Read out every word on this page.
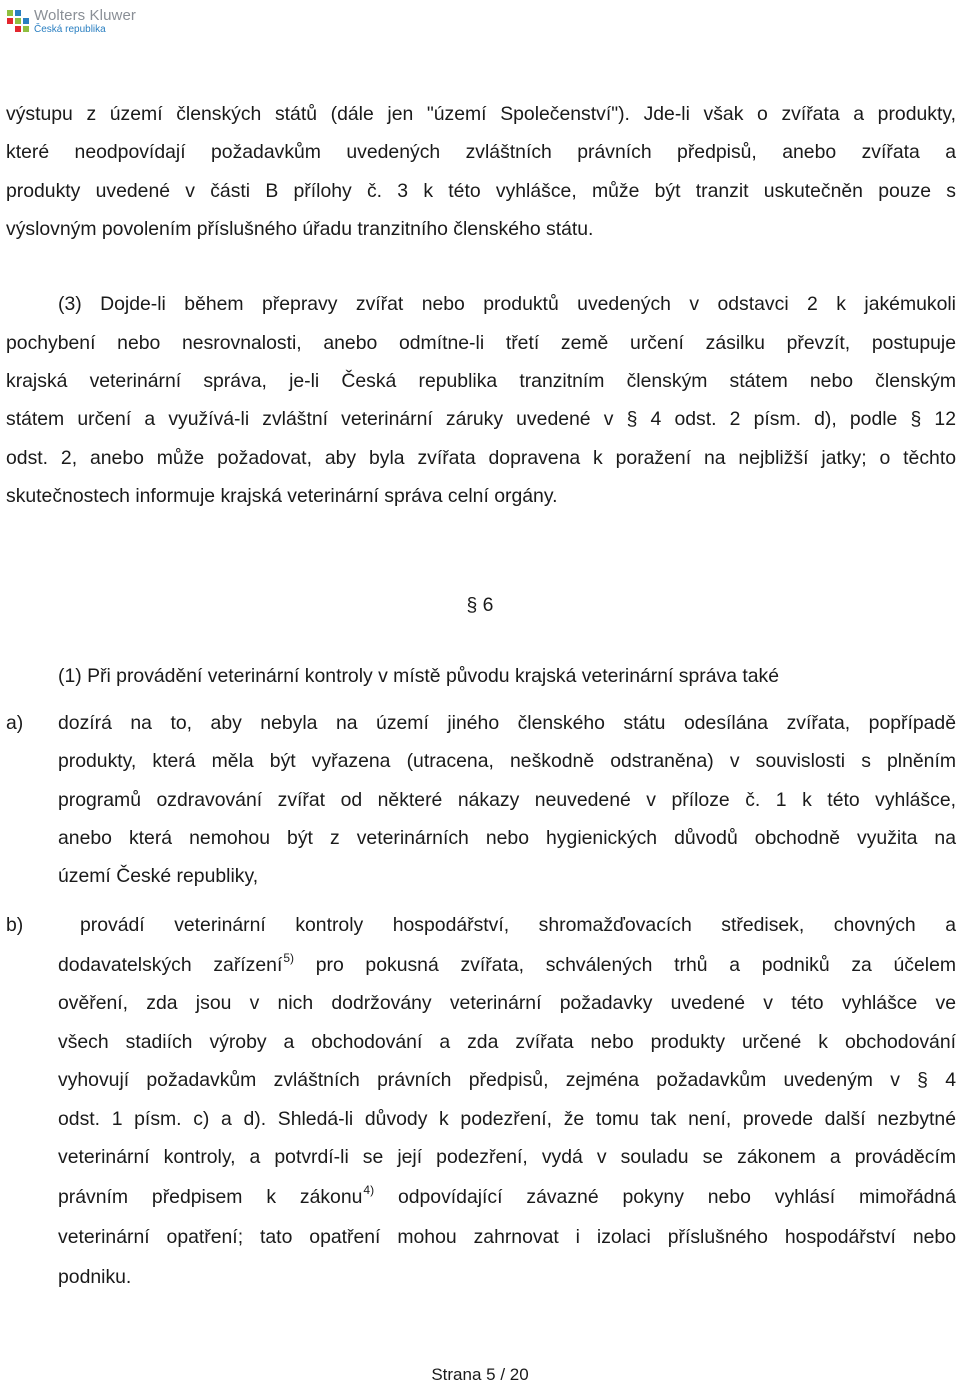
Wolters Kluwer
Česká republika
výstupu z území členských států (dále jen "území Společenství"). Jde-li však o zvířata a produkty,
které neodpovídají požadavkům uvedených zvláštních právních předpisů, anebo zvířata a
produkty uvedené v části B přílohy č. 3 k této vyhlášce, může být tranzit uskutečněn pouze s
výslovným povolením příslušného úřadu tranzitního členského státu.
(3) Dojde-li během přepravy zvířat nebo produktů uvedených v odstavci 2 k jakémukoli
pochybení nebo nesrovnalosti, anebo odmítne-li třetí země určení zásilku převzít, postupuje
krajská veterinární správa, je-li Česká republika tranzitním členským státem nebo členským
státem určení a využívá-li zvláštní veterinární záruky uvedené v § 4 odst. 2 písm. d), podle § 12
odst. 2, anebo může požadovat, aby byla zvířata dopravena k poražení na nejbližší jatky; o těchto
skutečnostech informuje krajská veterinární správa celní orgány.
§ 6
(1) Při provádění veterinární kontroly v místě původu krajská veterinární správa také
a) dozírá na to, aby nebyla na území jiného členského státu odesílána zvířata, popřípadě
produkty, která měla být vyřazena (utracena, neškodně odstraněna) v souvislosti s plněním
programů ozdravování zvířat od některé nákazy neuvedené v příloze č. 1 k této vyhlášce,
anebo která nemohou být z veterinárních nebo hygienických důvodů obchodně využita na
území České republiky,
b)	provádí veterinární kontroly hospodářství, shromažďovacích středisek, chovných a
dodavatelských zařízení$^{5)}$ pro pokusná zvířata, schválených trhů a podniků za účelem
ověření, zda jsou v nich dodržovány veterinární požadavky uvedené v této vyhlášce ve
všech stadiích výroby a obchodování a zda zvířata nebo produkty určené k obchodování
vyhovují požadavkům zvláštních právních předpisů, zejména požadavkům uvedeným v § 4
odst. 1 písm. c) a d). Shledá-li důvody k podezření, že tomu tak není, provede další nezbytné
veterinární kontroly, a potvrdí-li se její podezření, vydá v souladu se zákonem a prováděcím
právním předpisem k zákonu$^{4)}$ odpovídající závazné pokyny nebo vyhlásí mimořádná
veterinární opatření; tato opatření mohou zahrnovat i izolaci příslušného hospodářství nebo
podniku.
Strana 5 / 20
